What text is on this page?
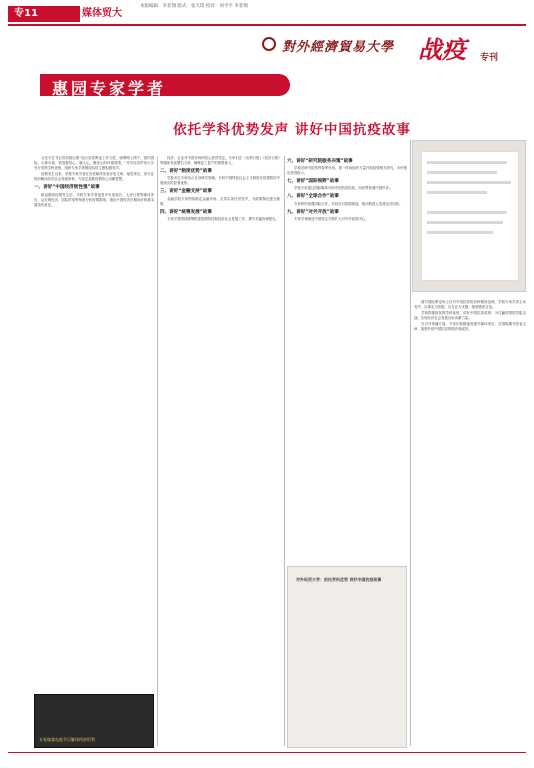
专11	媒体贸大
本版编辑：李菲翔 版式：张天琦 校对：刘平平 李菲翔
對外經濟貿易大學 战疫 专刊
惠园专家学者
依托学科优势发声 讲好中国抗疫故事

习近平总书记讲话指出要“加大宣传舆论工作力度，统筹网上网下、国内国际、大事小事，营造强信心、暖人心、聚民心的环境氛围。”对外经济贸易大学充分发挥学科优势，组织专家学者围绕抗疫主题积极发声。

疫情发生以来，学校专家学者在各类媒体发表评论文章，接受采访，用专业知识解读经济社会发展形势，为坚定战胜疫情信心贡献智慧。

一、讲好“中国经济韧性强”故事

新冠肺炎疫情发生后，学校专家学者接受中央电视台、人民日报等媒体采访，从宏观经济、国际贸易等角度分析疫情影响，指出中国经济长期向好的基本面没有改变。

经济，企业对中国市场的信心依然坚定。专家们在《光明日报》《经济日报》等媒体发表署名文章，阐释复工复产的重要意义。

二、讲好“制度优势”故事

学校多位专家结合自身研究领域，分析中国特色社会主义制度在疫情防控中展现出的显著优势。

三、讲好“金融支持”故事

金融学院专家围绕稳定金融市场、支持实体经济发声，为政策制定建言献策。

四、讲好“统筹发展”故事

专家学者围绕统筹推进疫情防控和经济社会发展工作，撰写多篇咨询报告。

六、讲好“研究院服务决策”故事

学校各研究院发挥智库作用，第一时间组织力量开展疫情相关研究，多份报告获得批示。

七、讲好“国际视野”故事

学校专家通过国际媒体介绍中国抗疫经验，向世界传递中国声音。

八、讲好“全球合作”故事

专家呼吁加强国际合作，共同应对疫情挑战，推动构建人类命运共同体。

九、讲好“对外开放”故事

专家学者阐述中国坚定不移扩大对外开放的决心。

面对国际舆论场上针对中国抗疫的各种错误论调，学校专家学者主动发声，以事实为依据，以专业为支撑，批驳错误言论。

学校将继续发挥学科优势，讲好中国抗疫故事，为打赢疫情防控阻击战、实现经济社会发展目标贡献力量。

在对外传播方面，专家们积极接受境外媒体采访，在国际期刊发表文章，客观介绍中国抗疫的做法和成效。

对外经贸大学：依托学科优势 讲好中国抗疫故事
专家做客电视节目解读经济形势
